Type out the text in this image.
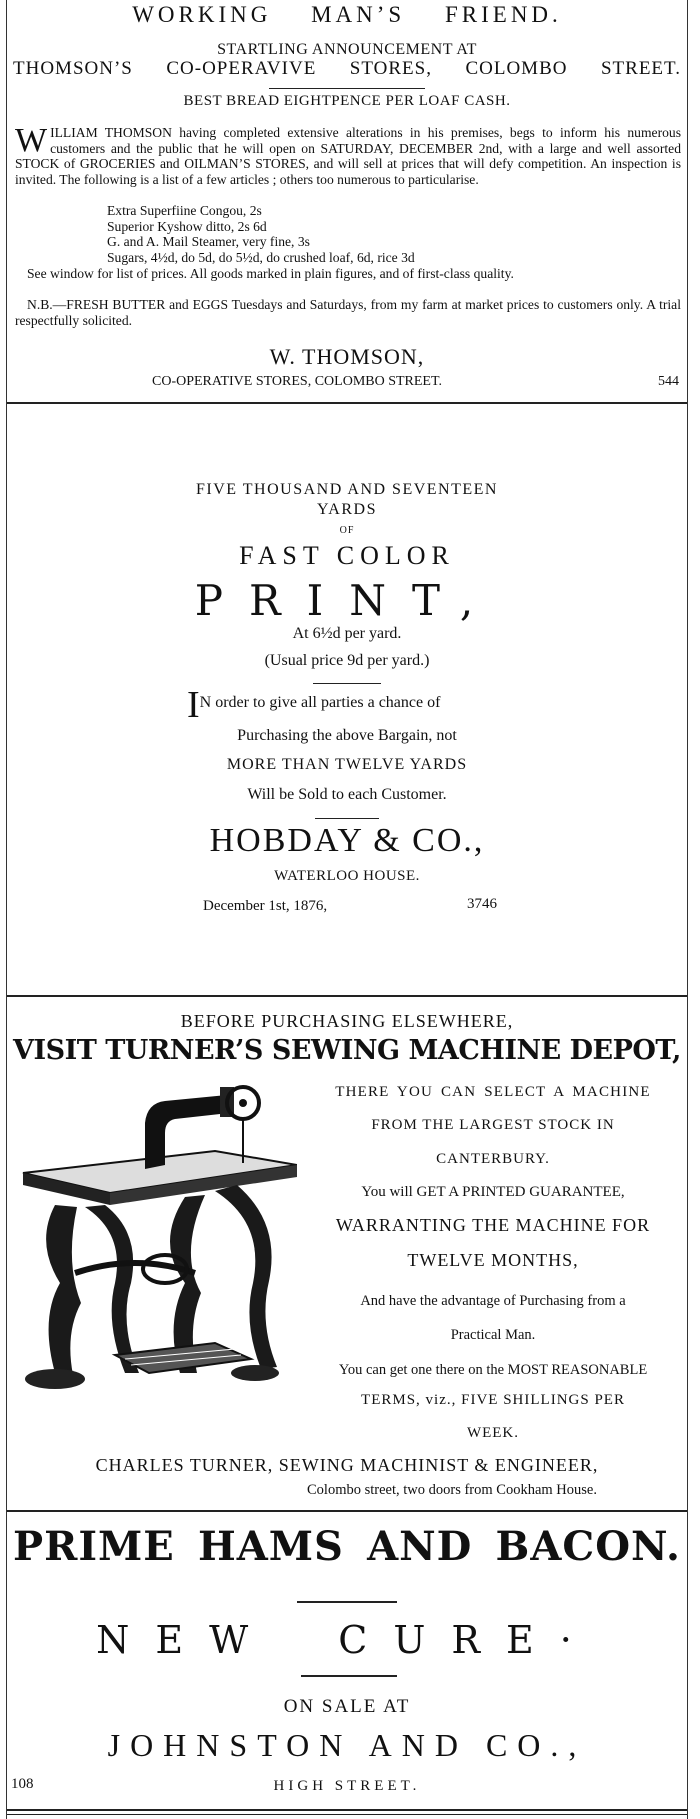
WORKING MAN’S FRIEND.
STARTLING ANNOUNCEMENT AT
THOMSON’S CO-OPERAVIVE STORES, COLOMBO STREET.
BEST BREAD EIGHTPENCE PER LOAF CASH.
WILLIAM THOMSON having completed extensive alterations in his premises, begs to inform his numerous customers and the public that he will open on SATURDAY, DECEMBER 2nd, with a large and well assorted STOCK of GROCERIES and OILMAN’S STORES, and will sell at prices that will defy competition. An inspection is invited. The following is a list of a few articles ; others too numerous to particularise.
Extra Superfiine Congou, 2s
Superior Kyshow ditto, 2s 6d
G. and A. Mail Steamer, very fine, 3s
Sugars, 4½d, do 5d, do 5½d, do crushed loaf, 6d, rice 3d
See window for list of prices. All goods marked in plain figures, and of first-class quality.
N.B.—FRESH BUTTER and EGGS Tuesdays and Saturdays, from my farm at market prices to customers only. A trial respectfully solicited.
W. THOMSON,
CO-OPERATIVE STORES, COLOMBO STREET.	544
FIVE THOUSAND AND SEVENTEEN
YARDS
OF
FAST COLOR
PRINT,
At 6½d per yard.
(Usual price 9d per yard.)
IN order to give all parties a chance of
Purchasing the above Bargain, not
MORE THAN TWELVE YARDS
Will be Sold to each Customer.
HOBDAY & CO.,
WATERLOO HOUSE.
December 1st, 1876,	3746
BEFORE PURCHASING ELSEWHERE,
VISIT TURNER’S SEWING MACHINE DEPOT,
THERE YOU CAN SELECT A MACHINE
FROM THE LARGEST STOCK IN
CANTERBURY.
You will GET A PRINTED GUARANTEE,
WARRANTING THE MACHINE FOR
TWELVE MONTHS,
And have the advantage of Purchasing from a
Practical Man.
You can get one there on the MOST REASONABLE
TERMS, viz., FIVE SHILLINGS PER
WEEK.
CHARLES TURNER, SEWING MACHINIST & ENGINEER,
Colombo street, two doors from Cookham House.
PRIME HAMS AND BACON.
NEW CURE·
ON SALE AT
JOHNSTON AND CO.,
108	HIGH STREET.
